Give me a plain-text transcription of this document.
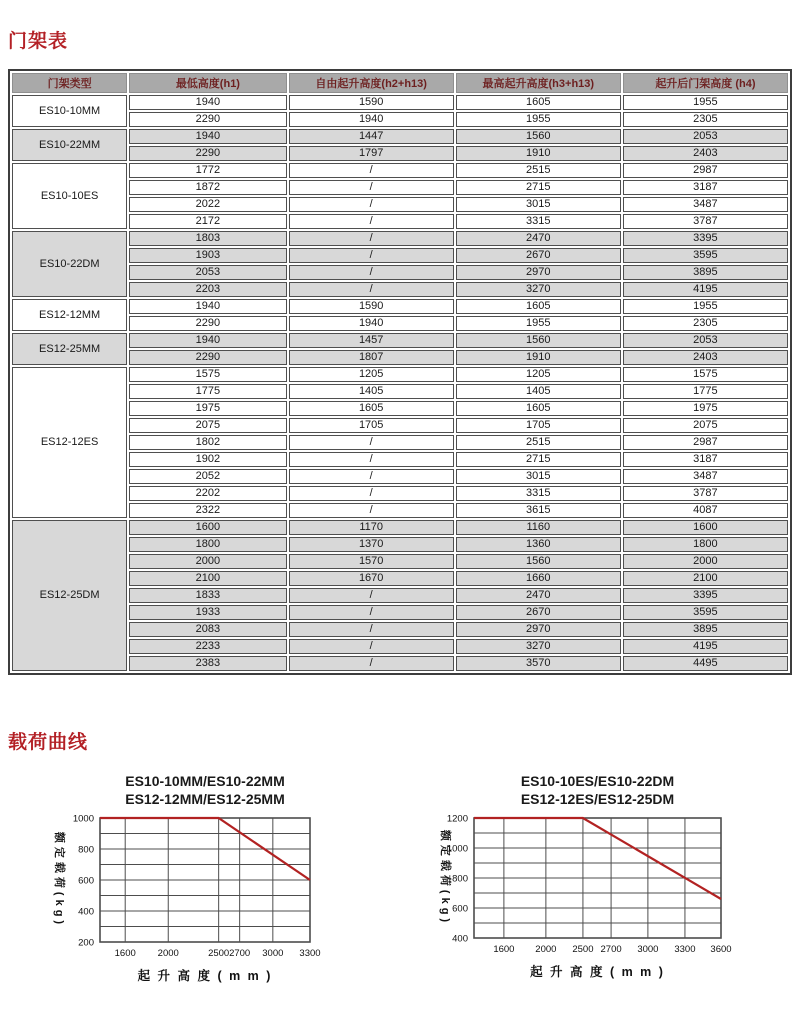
门架表
门架类型	最低高度(h1)	自由起升高度(h2+h13)	最高起升高度(h3+h13)	起升后门架高度 (h4)
ES10-10MM	1940	1590	1605	1955
	2290	1940	1955	2305
ES10-22MM	1940	1447	1560	2053
	2290	1797	1910	2403
ES10-10ES	1772	/	2515	2987
	1872	/	2715	3187
	2022	/	3015	3487
	2172	/	3315	3787
ES10-22DM	1803	/	2470	3395
	1903	/	2670	3595
	2053	/	2970	3895
	2203	/	3270	4195
ES12-12MM	1940	1590	1605	1955
	2290	1940	1955	2305
ES12-25MM	1940	1457	1560	2053
	2290	1807	1910	2403
ES12-12ES	1575	1205	1205	1575
	1775	1405	1405	1775
	1975	1605	1605	1975
	2075	1705	1705	2075
	1802	/	2515	2987
	1902	/	2715	3187
	2052	/	3015	3487
	2202	/	3315	3787
	2322	/	3615	4087
ES12-25DM	1600	1170	1160	1600
	1800	1370	1360	1800
	2000	1570	1560	2000
	2100	1670	1660	2100
	1833	/	2470	3395
	1933	/	2670	3595
	2083	/	2970	3895
	2233	/	3270	4195
	2383	/	3570	4495
载荷曲线
ES10-10MM/ES10-22MM
ES12-12MM/ES12-25MM
1000
800
600
400
200
1600 2000	2500 2700 3000 3300
额定载荷(kg)
起 升 高 度 ( m m )
ES10-10ES/ES10-22DM
ES12-12ES/ES12-25DM
1200
1000
800
600
400
1600 2000 2500 2700 3000 3300 3600
额定载荷(kg)
起 升 高 度 ( m m )
